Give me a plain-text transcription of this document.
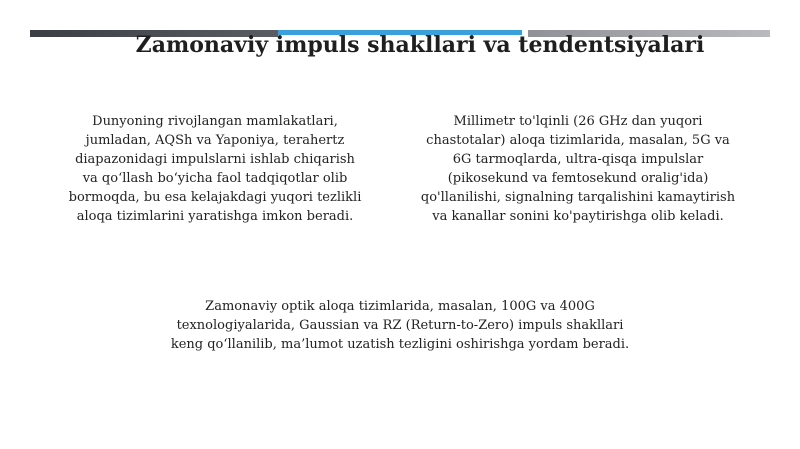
Zamonaviy impuls shakllari va tendentsiyalari

Dunyoning rivojlangan mamlakatlari,
jumladan, AQSh va Yaponiya, terahertz
diapazonidagi impulslarni ishlab chiqarish
va qo‘llash bo‘yicha faol tadqiqotlar olib
bormoqda, bu esa kelajakdagi yuqori tezlikli
aloqa tizimlarini yaratishga imkon beradi.

Millimetr to'lqinli (26 GHz dan yuqori
chastotalar) aloqa tizimlarida, masalan, 5G va
6G tarmoqlarda, ultra-qisqa impulslar
(pikosekund va femtosekund oralig'ida)
qo'llanilishi, signalning tarqalishini kamaytirish
va kanallar sonini ko'paytirishga olib keladi.

Zamonaviy optik aloqa tizimlarida, masalan, 100G va 400G
texnologiyalarida, Gaussian va RZ (Return-to-Zero) impuls shakllari
keng qo‘llanilib, ma’lumot uzatish tezligini oshirishga yordam beradi.
